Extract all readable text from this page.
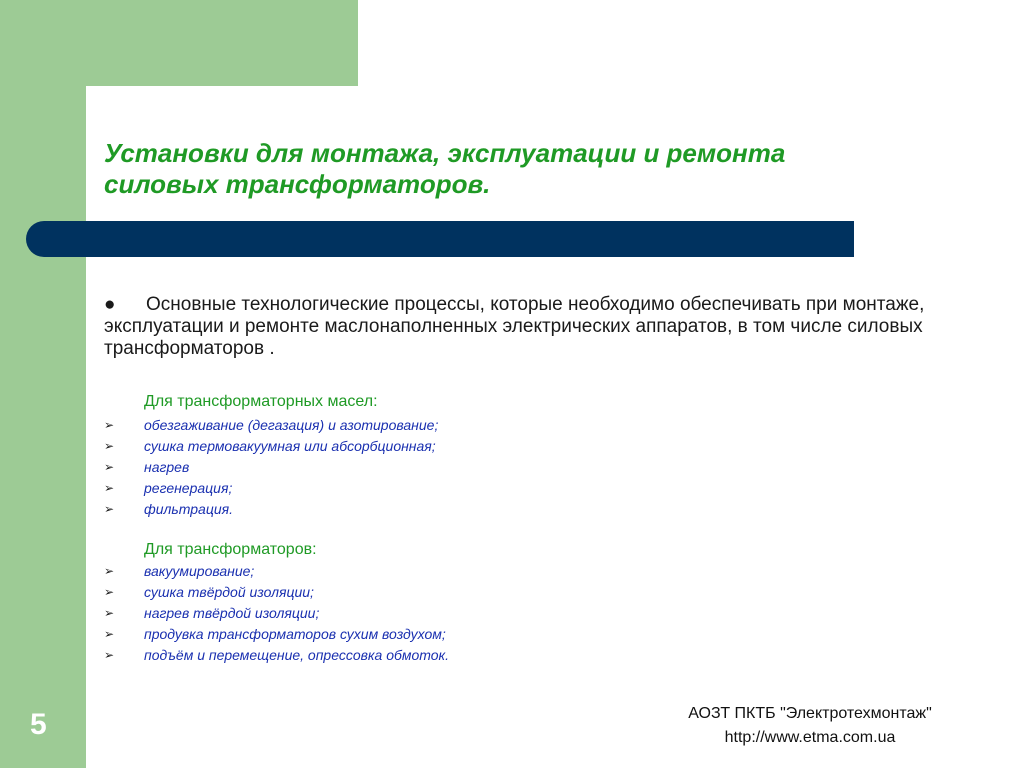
Установки для монтажа, эксплуатации и ремонта
силовых трансформаторов.
● Основные технологические процессы, которые необходимо обеспечивать при монтаже, эксплуатации и ремонте маслонаполненных электрических аппаратов, в том числе силовых трансформаторов .
Для трансформаторных масел:
➢ обезгаживание (дегазация) и азотирование;
➢ сушка термовакуумная или абсорбционная;
➢ нагрев
➢ регенерация;
➢ фильтрация.
Для трансформаторов:
➢ вакуумирование;
➢ сушка твёрдой изоляции;
➢ нагрев твёрдой изоляции;
➢ продувка трансформаторов сухим воздухом;
➢ подъём и перемещение, опрессовка обмоток.
5	АОЗТ ПКТБ "Электротехмонтаж"
http://www.etma.com.ua
